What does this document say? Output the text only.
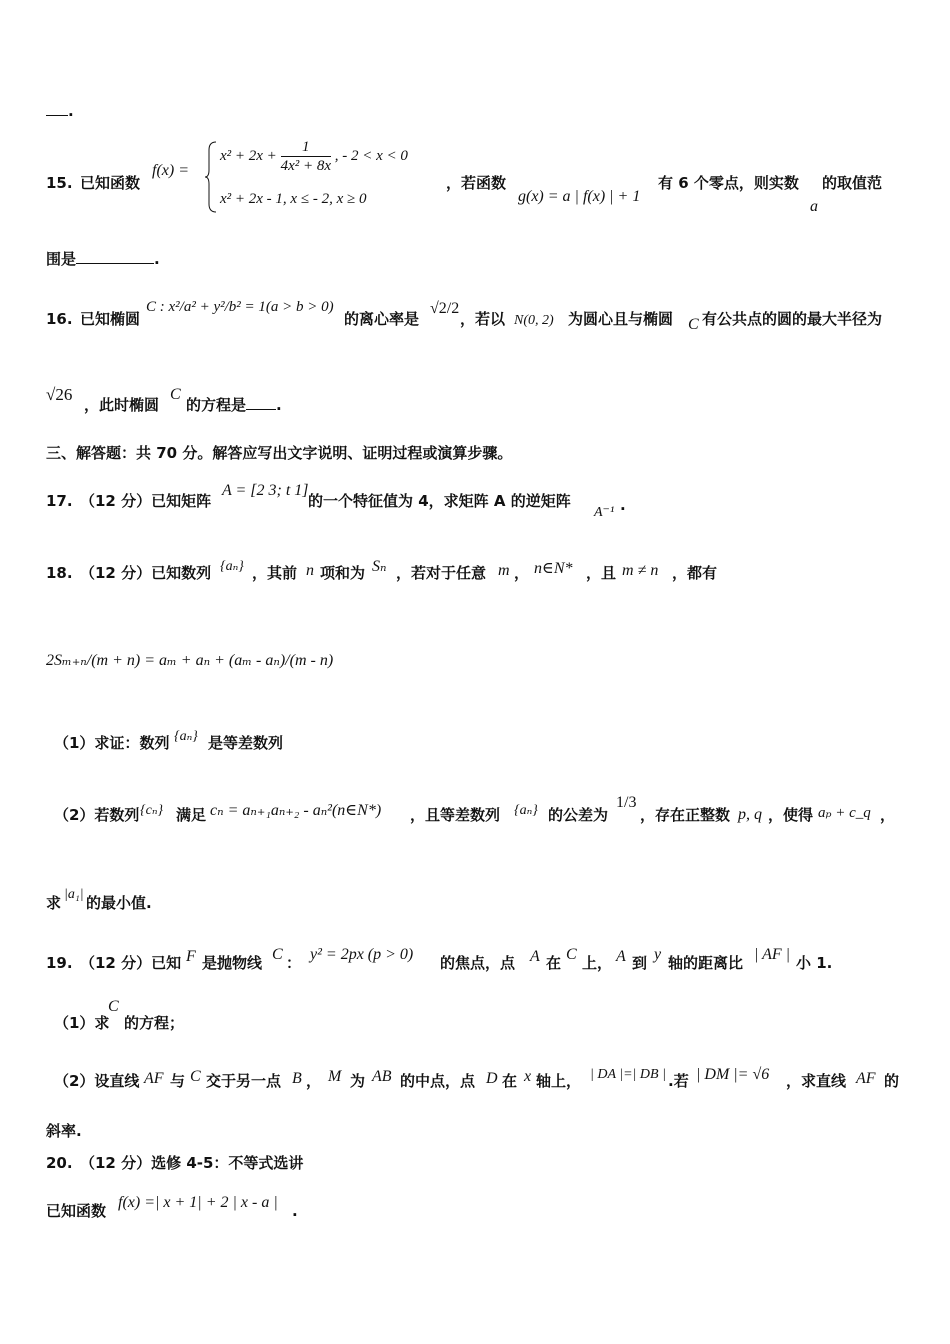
.
15. 已知函数
f(x) =
$x^2 + 2x + \frac{1}{\text{4x² + 8x}}$ , - 2 < x < 0
x² + 2x - 1, x ≤ - 2, x ≥ 0
，若函数
g(x) = a | f(x) | + 1
有 6 个零点，则实数
a
的取值范
围是	.
16. 已知椭圆
C : x²/a² + y²/b² = 1(a > b > 0)
的离心率是
√2/2
，若以 N(0, 2) 为圆心且与椭圆 C 有公共点的圆的最大半径为
√26
，此时椭圆
C
的方程是 .
三、解答题：共 70 分。解答应写出文字说明、证明过程或演算步骤。
17. （12 分）已知矩阵
A = [2 3; t 1]
的一个特征值为 4，求矩阵 A 的逆矩阵
A⁻¹ .
18. （12 分）已知数列 {aₙ} ，其前 n 项和为 Sₙ ，若对于任意 m ， n∈N* ，且 m ≠ n ，都有
2Sₘ₊ₙ/(m + n) = aₘ + aₙ + (aₘ - aₙ)/(m - n)
（1）求证：数列 {aₙ} 是等差数列
（2）若数列 {cₙ} 满足 cₙ = aₙ₊₁aₙ₊₂ - aₙ²(n∈N*) ，且等差数列 {aₙ} 的公差为
1/3
，存在正整数 p, q ，使得 aₚ + c_q ，
求 |a₁| 的最小值.
19. （12 分）已知 F 是抛物线 C ： y² = 2px (p > 0) 的焦点，点 A 在 C 上， A 到 y 轴的距离比 | AF | 小 1.
（1）求
C
的方程；
（2）设直线 AF 与 C 交于另一点 B ， M 为 AB 的中点，点 D 在 x 轴上， | DA |=| DB | .若 | DM |= √6 ，求直线 AF 的
斜率.
20. （12 分）选修 4-5：不等式选讲
已知函数 f(x) =| x + 1| + 2 | x - a | .
